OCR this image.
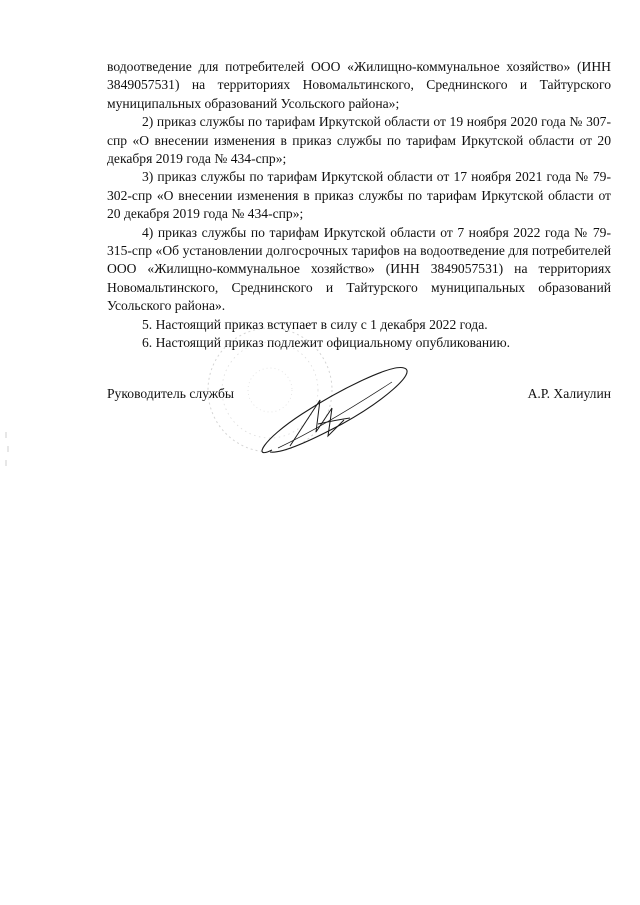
водоотведение для потребителей ООО «Жилищно-коммунальное хозяйство» (ИНН 3849057531) на территориях Новомальтинского, Среднинского и Тайтурского муниципальных образований Усольского района»;

2) приказ службы по тарифам Иркутской области от 19 ноября 2020 года № 307-спр «О внесении изменения в приказ службы по тарифам Иркутской области от 20 декабря 2019 года № 434-спр»;

3) приказ службы по тарифам Иркутской области от 17 ноября 2021 года № 79-302-спр «О внесении изменения в приказ службы по тарифам Иркутской области от 20 декабря 2019 года № 434-спр»;

4) приказ службы по тарифам Иркутской области от 7 ноября 2022 года № 79-315-спр «Об установлении долгосрочных тарифов на водоотведение для потребителей ООО «Жилищно-коммунальное хозяйство» (ИНН 3849057531) на территориях Новомальтинского, Среднинского и Тайтурского муниципальных образований Усольского района».

5. Настоящий приказ вступает в силу с 1 декабря 2022 года.

6. Настоящий приказ подлежит официальному опубликованию.

Руководитель службы	А.Р. Халиулин
